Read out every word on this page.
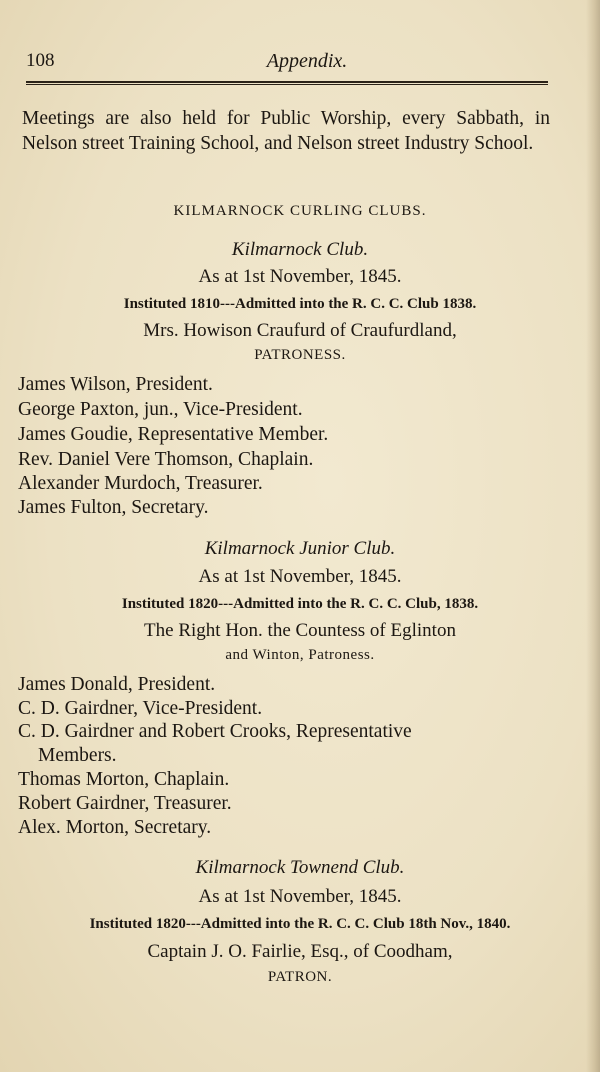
108	Appendix.
Meetings are also held for Public Worship, every Sabbath, in Nelson street Training School, and Nelson street Industry School.
KILMARNOCK CURLING CLUBS.
Kilmarnock Club.
As at 1st November, 1845.
Instituted 1810---Admitted into the R. C. C. Club 1838.
Mrs. Howison Craufurd of Craufurdland,
PATRONESS.
James Wilson, President.
George Paxton, jun., Vice-President.
James Goudie, Representative Member.
Rev. Daniel Vere Thomson, Chaplain.
Alexander Murdoch, Treasurer.
James Fulton, Secretary.
Kilmarnock Junior Club.
As at 1st November, 1845.
Instituted 1820---Admitted into the R. C. C. Club, 1838.
The Right Hon. the Countess of Eglinton
and Winton, Patroness.
James Donald, President.
C. D. Gairdner, Vice-President.
C. D. Gairdner and Robert Crooks, Representative
Members.
Thomas Morton, Chaplain.
Robert Gairdner, Treasurer.
Alex. Morton, Secretary.
Kilmarnock Townend Club.
As at 1st November, 1845.
Instituted 1820---Admitted into the R. C. C. Club 18th Nov., 1840.
Captain J. O. Fairlie, Esq., of Coodham,
PATRON.
